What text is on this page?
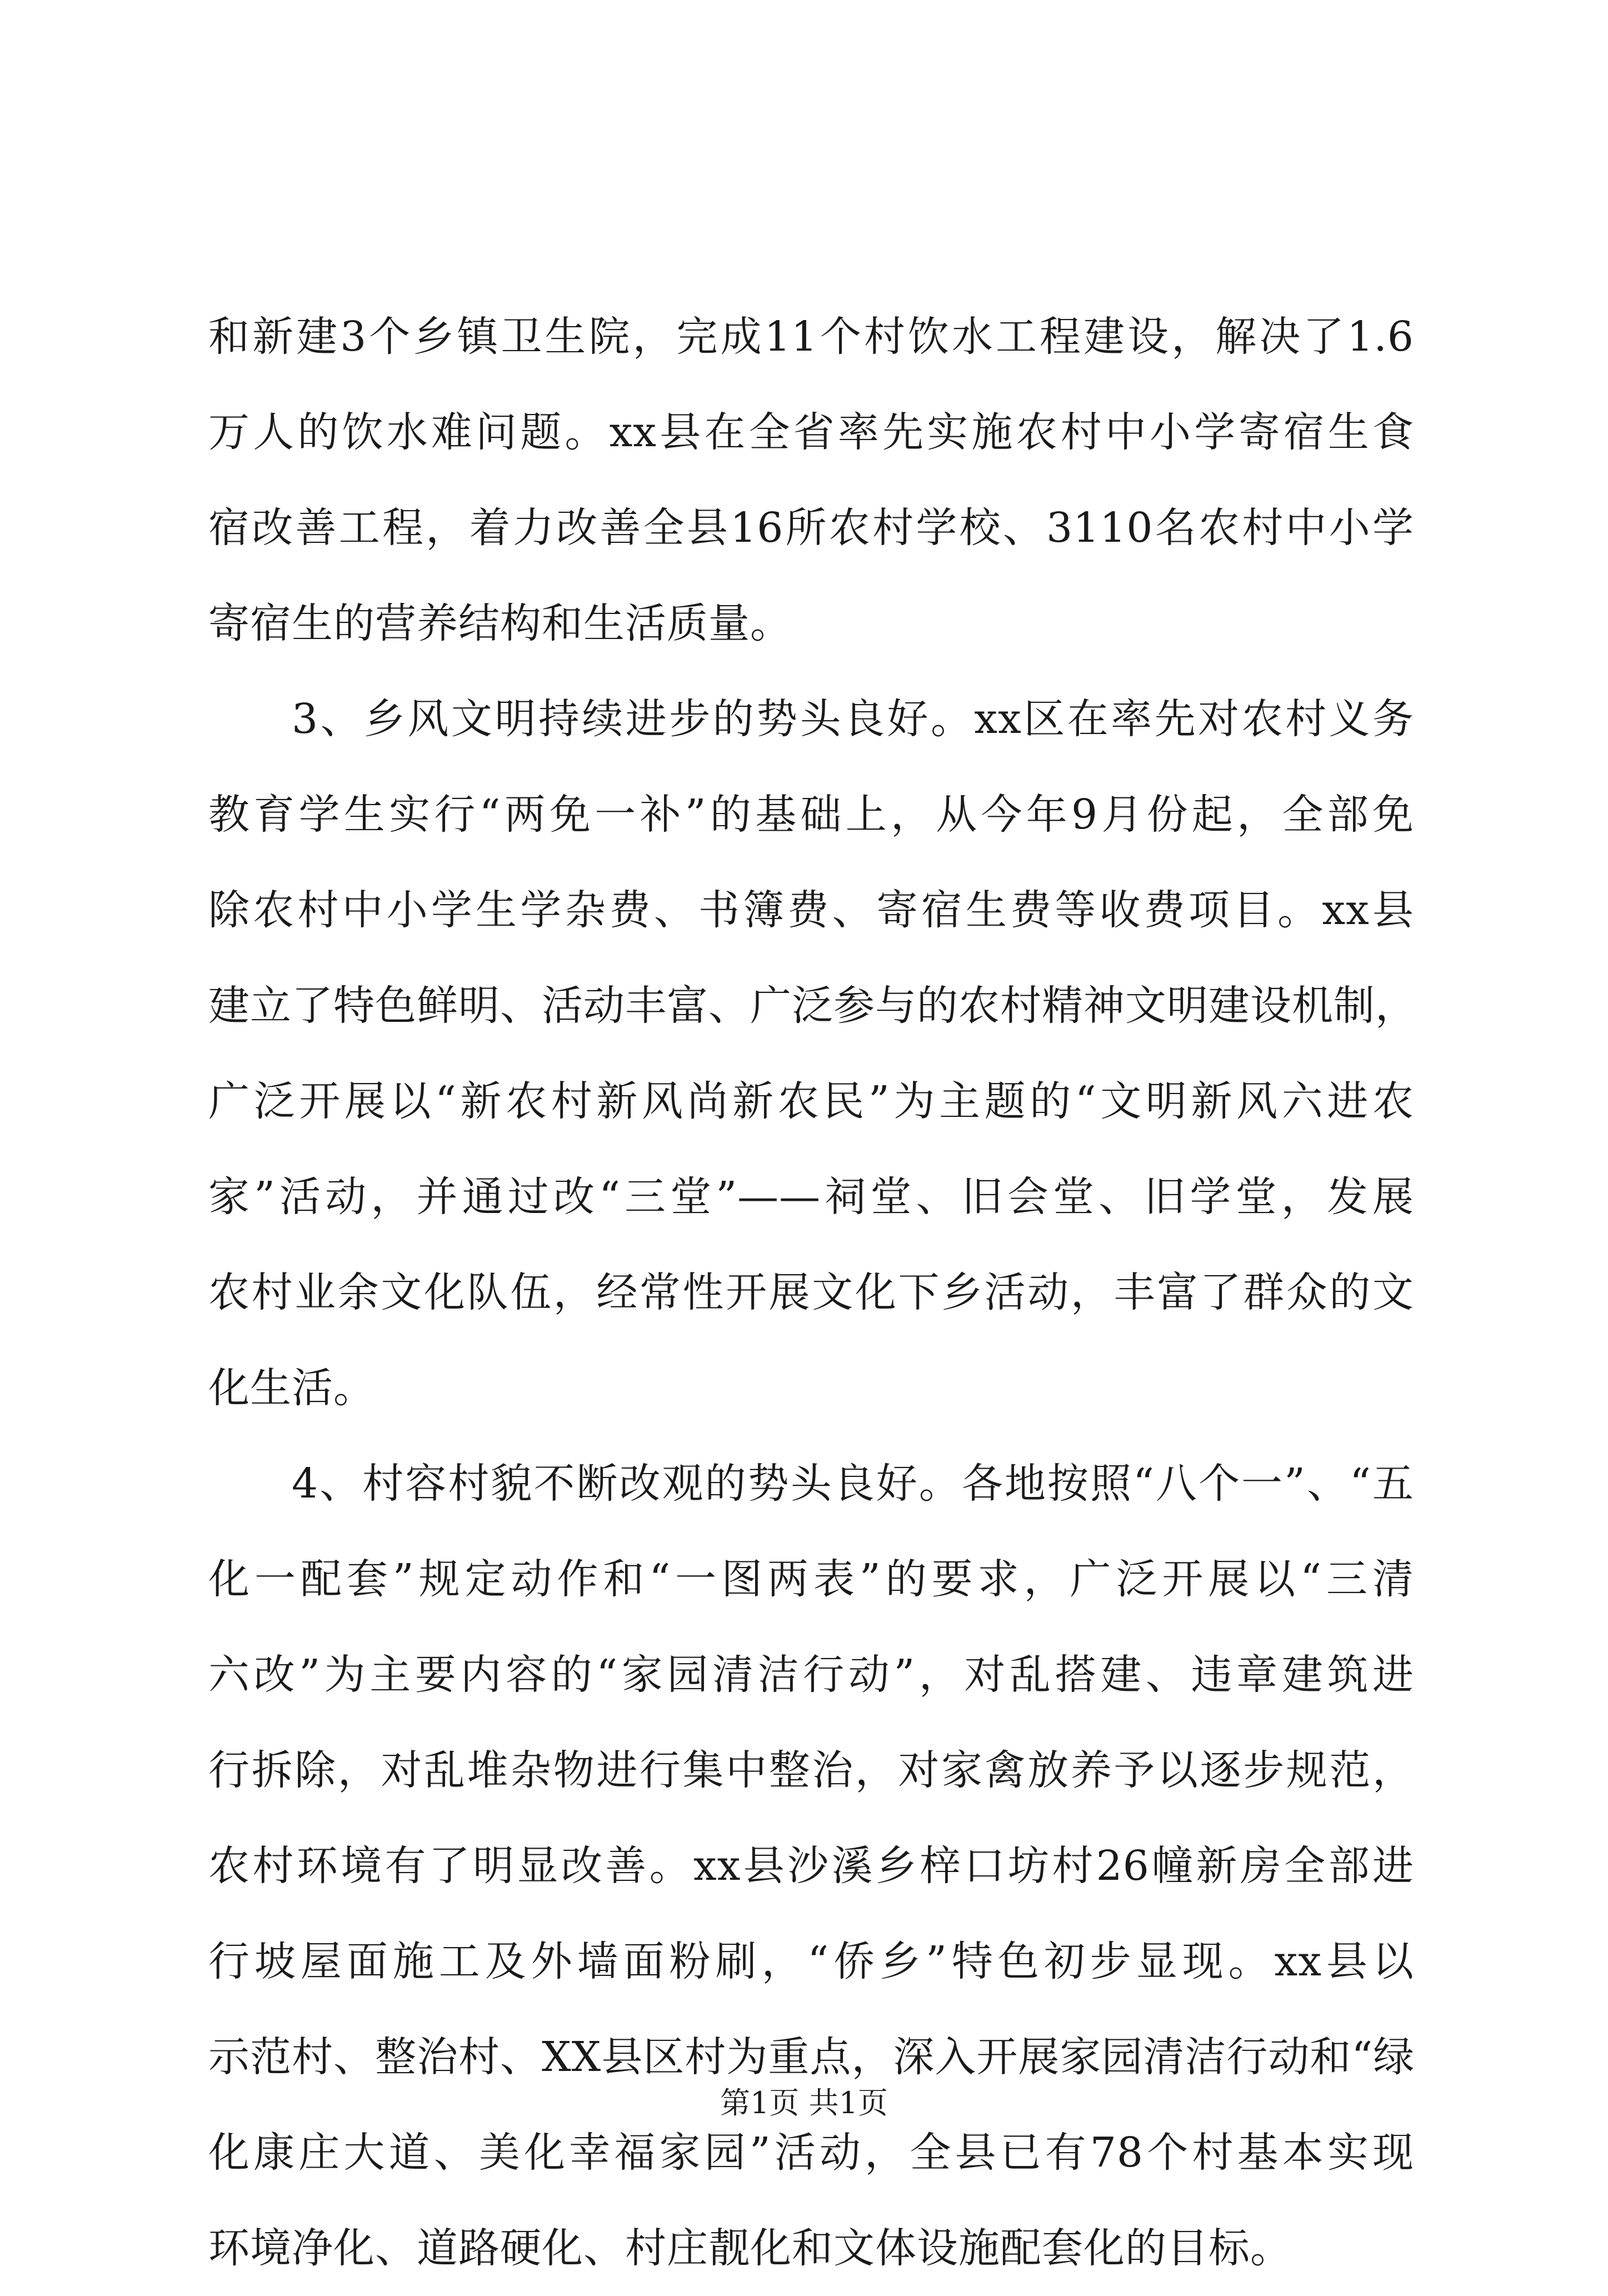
和新建3个乡镇卫生院，完成11个村饮水工程建设，解决了1.6
万人的饮水难问题。xx县在全省率先实施农村中小学寄宿生食
宿改善工程，着力改善全县16所农村学校、3110名农村中小学
寄宿生的营养结构和生活质量。
3、乡风文明持续进步的势头良好。xx区在率先对农村义务
教育学生实行“两免一补”的基础上，从今年9月份起，全部免
除农村中小学生学杂费、书簿费、寄宿生费等收费项目。xx县
建立了特色鲜明、活动丰富、广泛参与的农村精神文明建设机制，
广泛开展以“新农村新风尚新农民”为主题的“文明新风六进农
家”活动，并通过改“三堂”——祠堂、旧会堂、旧学堂，发展
农村业余文化队伍，经常性开展文化下乡活动，丰富了群众的文
化生活。
4、村容村貌不断改观的势头良好。各地按照“八个一”、“五
化一配套”规定动作和“一图两表”的要求，广泛开展以“三清
六改”为主要内容的“家园清洁行动”，对乱搭建、违章建筑进
行拆除，对乱堆杂物进行集中整治，对家禽放养予以逐步规范，
农村环境有了明显改善。xx县沙溪乡梓口坊村26幢新房全部进
行坡屋面施工及外墙面粉刷，“侨乡”特色初步显现。xx县以
示范村、整治村、XX县区村为重点，深入开展家园清洁行动和“绿
化康庄大道、美化幸福家园”活动，全县已有78个村基本实现
环境净化、道路硬化、村庄靓化和文体设施配套化的目标。
第1页 共1页
